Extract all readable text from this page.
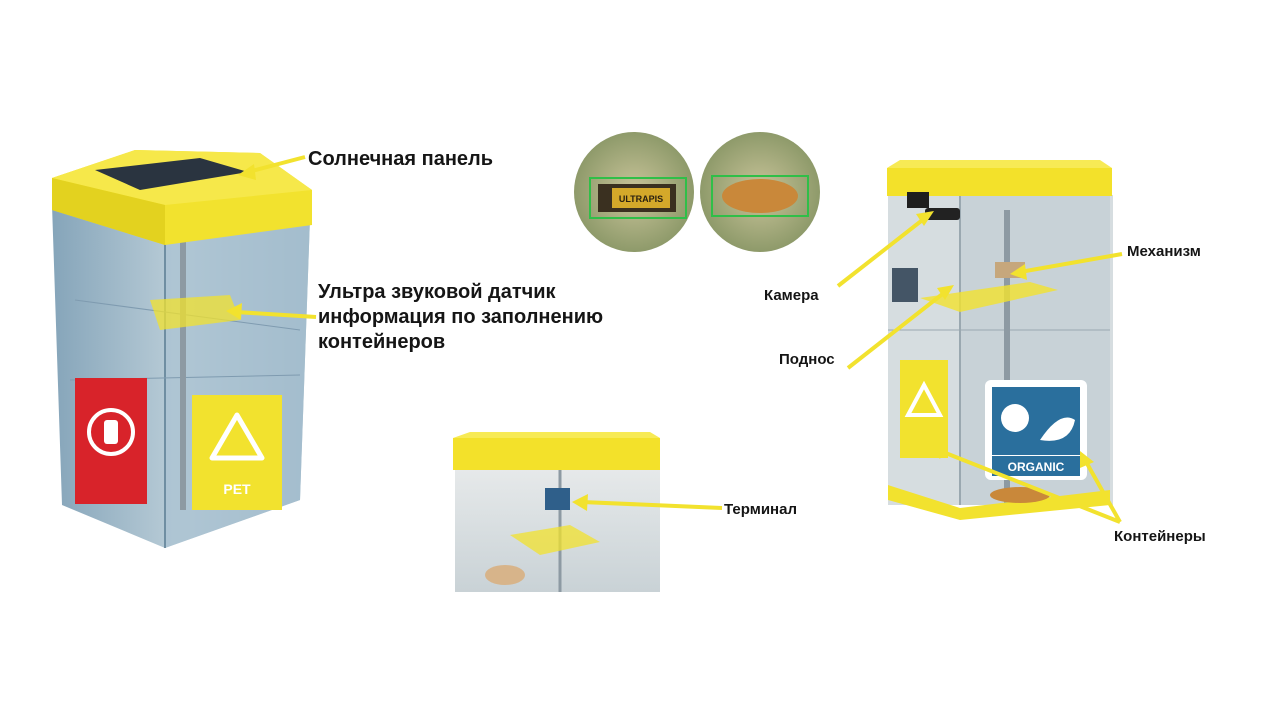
PET
ULTRAPIS
ORGANIC
Солнечная панель
Ультра звуковой датчик
информация по заполнению
контейнеров
Терминал
Камера
Поднос
Механизм
Контейнеры
